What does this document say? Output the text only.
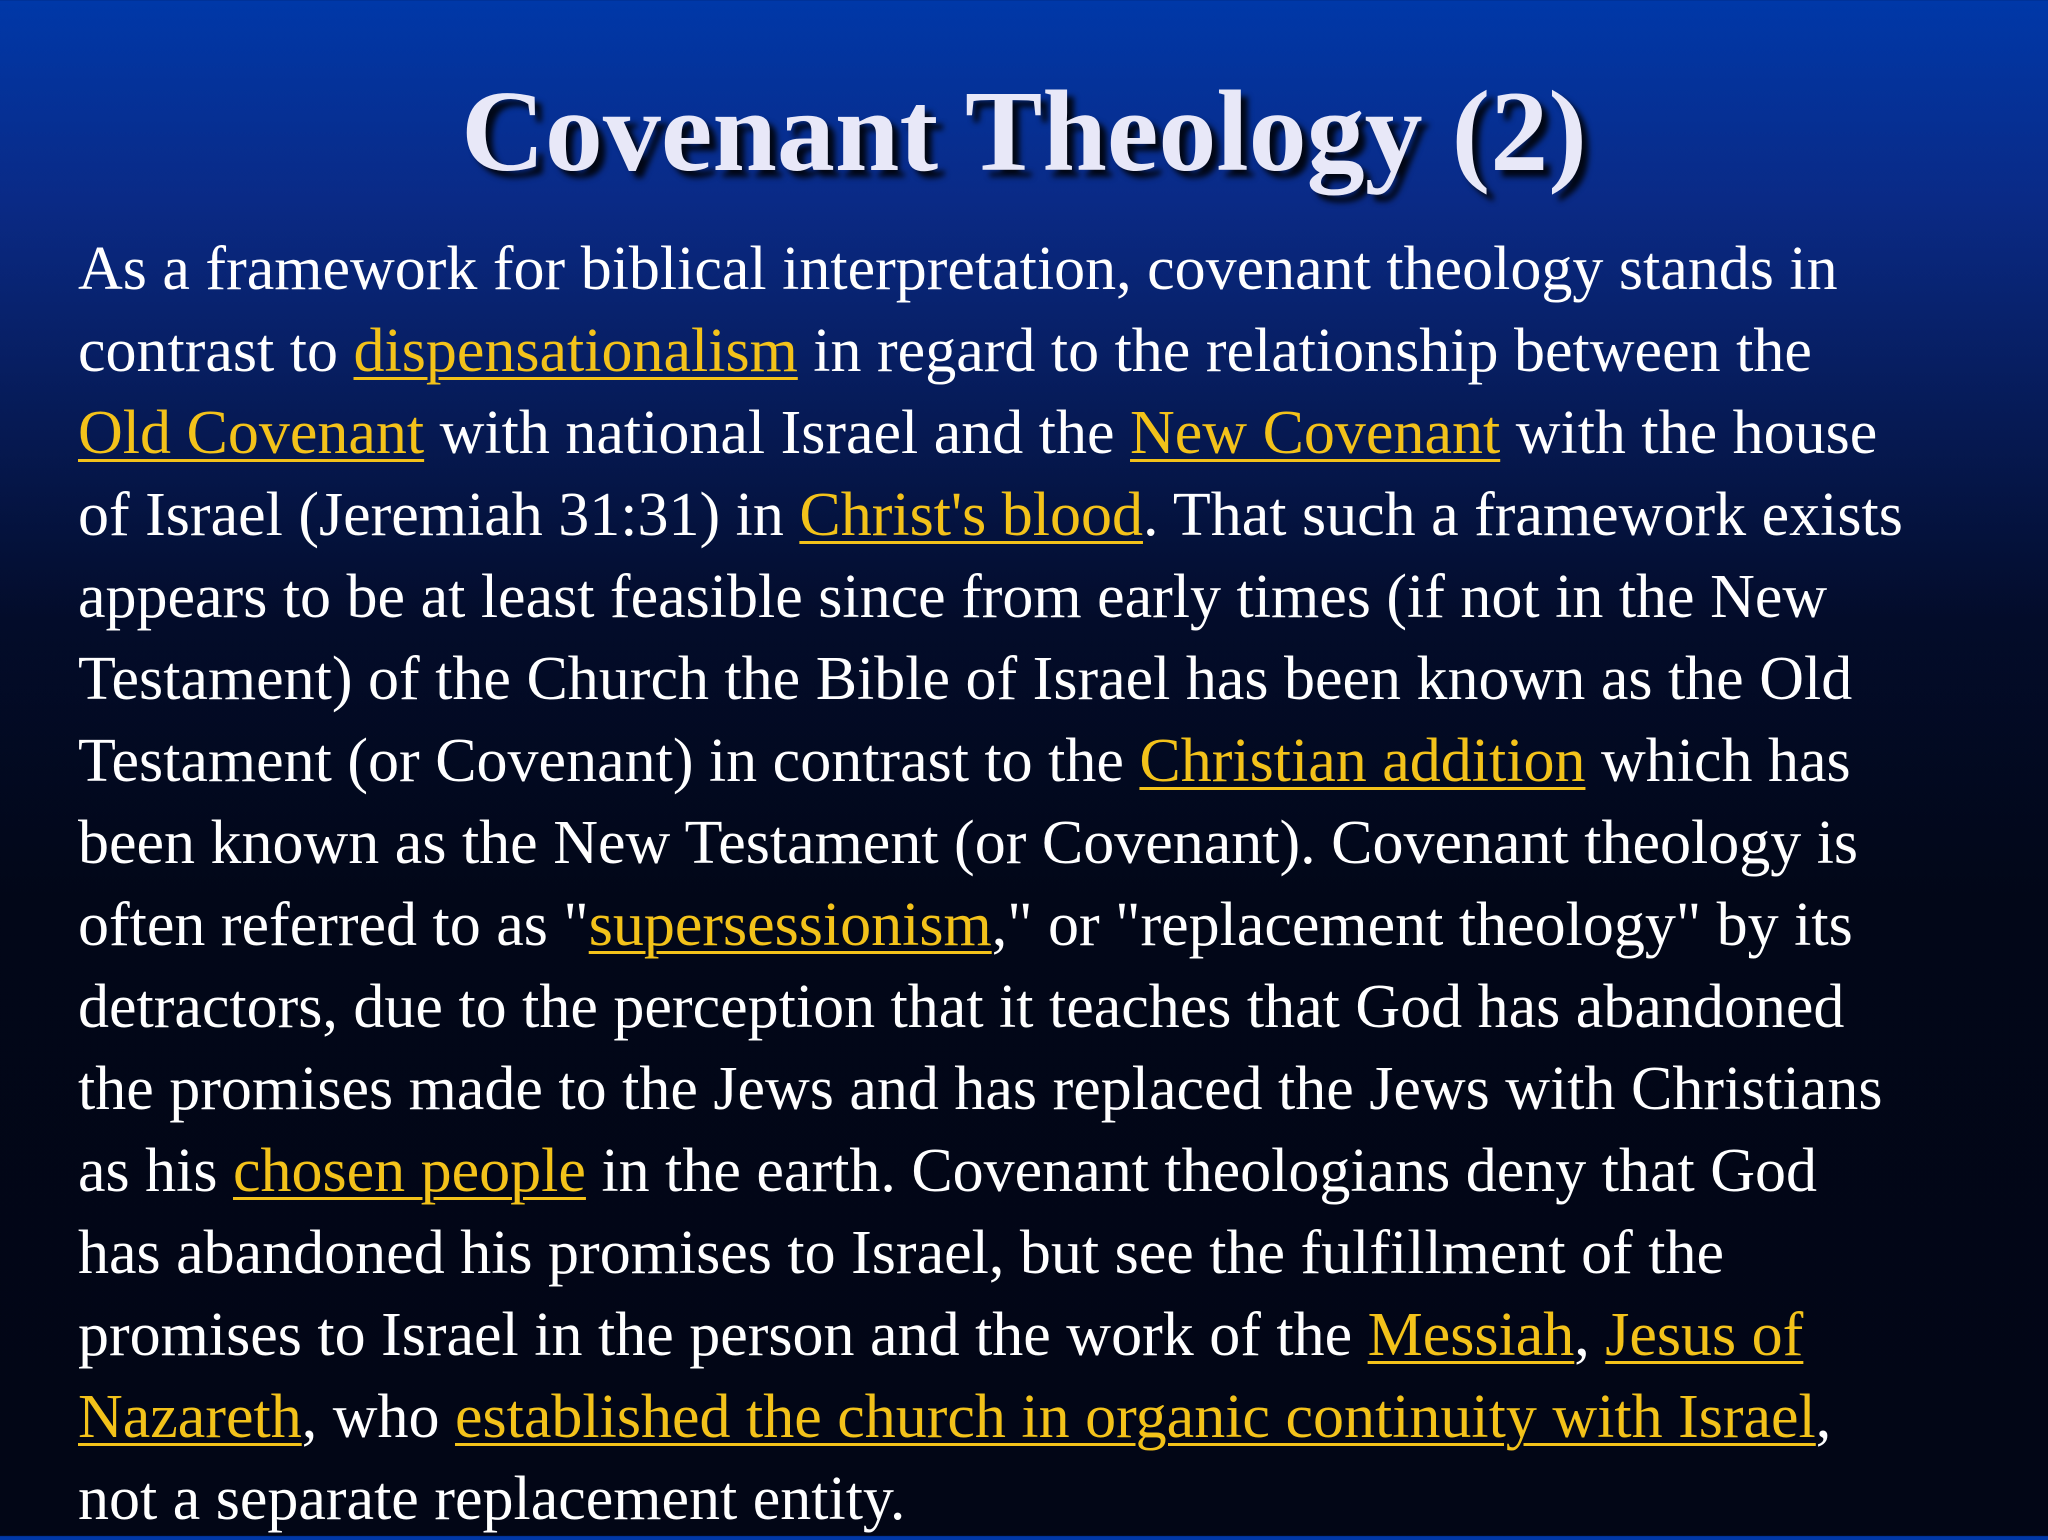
Covenant Theology (2)
As a framework for biblical interpretation, covenant theology stands in
contrast to dispensationalism in regard to the relationship between the
Old Covenant with national Israel and the New Covenant with the house
of Israel (Jeremiah 31:31) in Christ's blood. That such a framework exists
appears to be at least feasible since from early times (if not in the New
Testament) of the Church the Bible of Israel has been known as the Old
Testament (or Covenant) in contrast to the Christian addition which has
been known as the New Testament (or Covenant). Covenant theology is
often referred to as "supersessionism," or "replacement theology" by its
detractors, due to the perception that it teaches that God has abandoned
the promises made to the Jews and has replaced the Jews with Christians
as his chosen people in the earth. Covenant theologians deny that God
has abandoned his promises to Israel, but see the fulfillment of the
promises to Israel in the person and the work of the Messiah, Jesus of
Nazareth, who established the church in organic continuity with Israel,
not a separate replacement entity.
